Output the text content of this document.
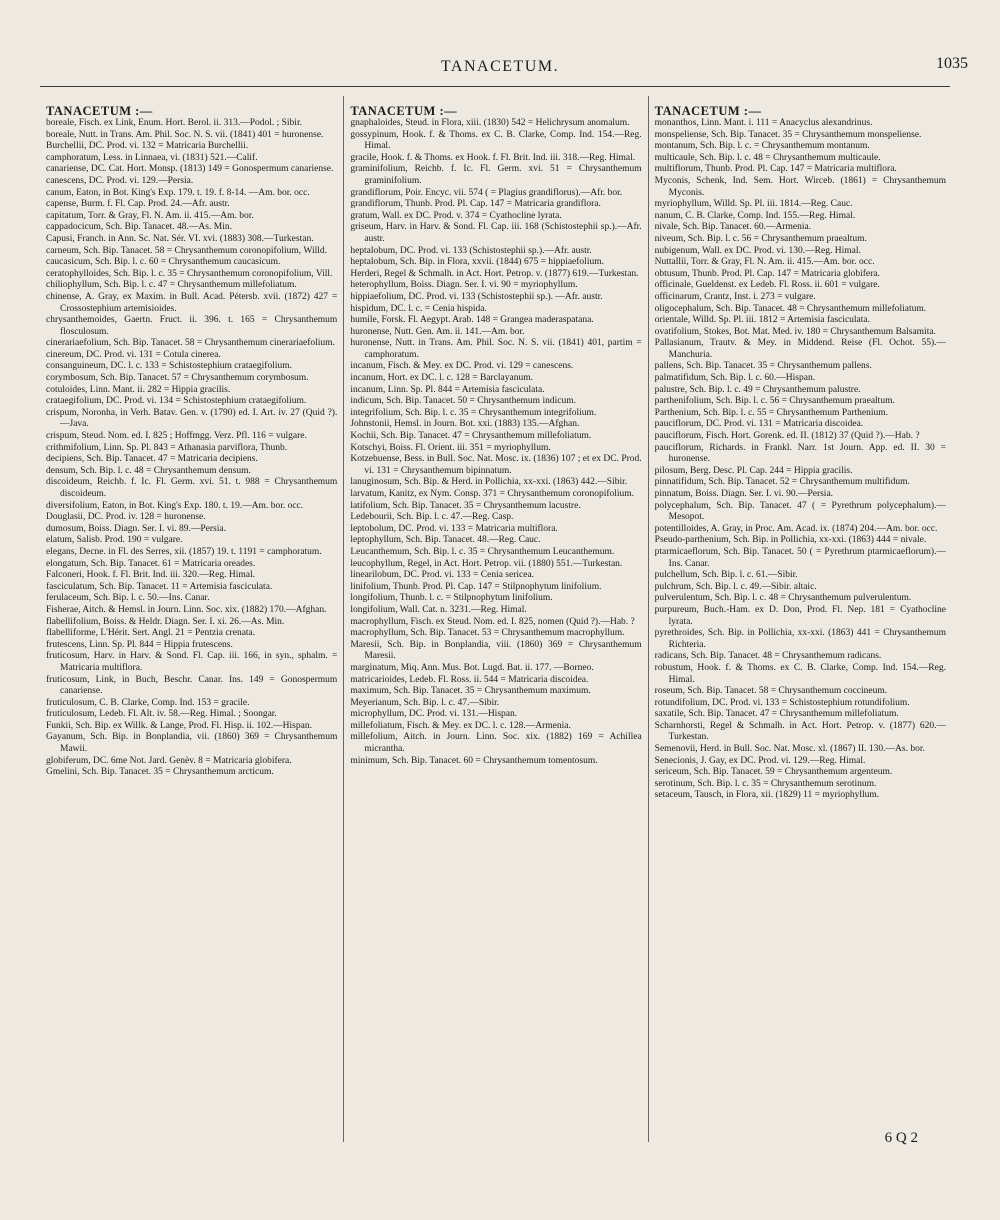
TANACETUM.	1035
TANACETUM :—
boreale, Fisch. ex Link, Enum. Hort. Berol. ii. 313.—Podol. ; Sibir.
boreale, Nutt. in Trans. Am. Phil. Soc. N. S. vii. (1841) 401 = huronense.
Burchellii, DC. Prod. vi. 132 = Matricaria Burchellii.
camphoratum, Less. in Linnaea, vi. (1831) 521.—Calif.
canariense, DC. Cat. Hort. Monsp. (1813) 149 = Gonospermum canariense.
canescens, DC. Prod. vi. 129.—Persia.
canum, Eaton, in Bot. King's Exp. 179. t. 19. f. 8-14. —Am. bor. occ.
capense, Burm. f. Fl. Cap. Prod. 24.—Afr. austr.
capitatum, Torr. & Gray, Fl. N. Am. ii. 415.—Am. bor.
cappadocicum, Sch. Bip. Tanacet. 48.—As. Min.
Capusi, Franch. in Ann. Sc. Nat. Sér. VI. xvi. (1883) 308.—Turkestan.
carneum, Sch. Bip. Tanacet. 58 = Chrysanthemum coronopifolium, Willd.
caucasicum, Sch. Bip. l. c. 60 = Chrysanthemum caucasicum.
ceratophylloides, Sch. Bip. l. c. 35 = Chrysanthemum coronopifolium, Vill.
chiliophyllum, Sch. Bip. l. c. 47 = Chrysanthemum millefoliatum.
chinense, A. Gray, ex Maxim. in Bull. Acad. Pétersb. xvii. (1872) 427 = Crossostephium artemisioides.
chrysanthemoides, Gaertn. Fruct. ii. 396. t. 165 = Chrysanthemum flosculosum.
cinerariaefolium, Sch. Bip. Tanacet. 58 = Chrysanthemum cinerariaefolium.
cinereum, DC. Prod. vi. 131 = Cotula cinerea.
consanguineum, DC. l. c. 133 = Schistostephium crataegifolium.
corymbosum, Sch. Bip. Tanacet. 57 = Chrysanthemum corymbosum.
cotuloides, Linn. Mant. ii. 282 = Hippia gracilis.
crataegifolium, DC. Prod. vi. 134 = Schistostephium crataegifolium.
crispum, Noronha, in Verh. Batav. Gen. v. (1790) ed. I. Art. iv. 27 (Quid ?).—Java.
crispum, Steud. Nom. ed. I. 825 ; Hoffmgg. Verz. Pfl. 116 = vulgare.
crithmifolium, Linn. Sp. Pl. 843 = Athanasia parviflora, Thunb.
decipiens, Sch. Bip. Tanacet. 47 = Matricaria decipiens.
densum, Sch. Bip. l. c. 48 = Chrysanthemum densum.
discoideum, Reichb. f. Ic. Fl. Germ. xvi. 51. t. 988 = Chrysanthemum discoideum.
diversifolium, Eaton, in Bot. King's Exp. 180. t. 19.—Am. bor. occ.
Douglasii, DC. Prod. iv. 128 = huronense.
dumosum, Boiss. Diagn. Ser. I. vi. 89.—Persia.
elatum, Salisb. Prod. 190 = vulgare.
elegans, Decne. in Fl. des Serres, xii. (1857) 19. t. 1191 = camphoratum.
elongatum, Sch. Bip. Tanacet. 61 = Matricaria oreades.
Falconeri, Hook. f. Fl. Brit. Ind. iii. 320.—Reg. Himal.
fasciculatum, Sch. Bip. Tanacet. 11 = Artemisia fasciculata.
ferulaceum, Sch. Bip. l. c. 50.—Ins. Canar.
Fisherae, Aitch. & Hemsl. in Journ. Linn. Soc. xix. (1882) 170.—Afghan.
flabellifolium, Boiss. & Heldr. Diagn. Ser. I. xi. 26.—As. Min.
flabelliforme, L'Hérit. Sert. Angl. 21 = Pentzia crenata.
frutescens, Linn. Sp. Pl. 844 = Hippia frutescens.
fruticosum, Harv. in Harv. & Sond. Fl. Cap. iii. 166, in syn., sphalm. = Matricaria multiflora.
fruticosum, Link, in Buch, Beschr. Canar. Ins. 149 = Gonospermum canariense.
fruticulosum, C. B. Clarke, Comp. Ind. 153 = gracile.
fruticulosum, Ledeb. Fl. Alt. iv. 58.—Reg. Himal. ; Soongar.
Funkii, Sch. Bip. ex Willk. & Lange, Prod. Fl. Hisp. ii. 102.—Hispan.
Gayanum, Sch. Bip. in Bonplandia, vii. (1860) 369 = Chrysanthemum Mawii.
globiferum, DC. 6me Not. Jard. Genèv. 8 = Matricaria globifera.
Gmelini, Sch. Bip. Tanacet. 35 = Chrysanthemum arcticum.
TANACETUM :—
gnaphaloides, Steud. in Flora, xiii. (1830) 542 = Helichrysum anomalum.
gossypinum, Hook. f. & Thoms. ex C. B. Clarke, Comp. Ind. 154.—Reg. Himal.
gracile, Hook. f. & Thoms. ex Hook. f. Fl. Brit. Ind. iii. 318.—Reg. Himal.
graminifolium, Reichb. f. Ic. Fl. Germ. xvi. 51 = Chrysanthemum graminifolium.
grandiflorum, Poir. Encyc. vii. 574 ( = Plagius grandiflorus).—Afr. bor.
grandiflorum, Thunb. Prod. Pl. Cap. 147 = Matricaria grandiflora.
gratum, Wall. ex DC. Prod. v. 374 = Cyathocline lyrata.
griseum, Harv. in Harv. & Sond. Fl. Cap. iii. 168 (Schistostephii sp.).—Afr. austr.
heptalobum, DC. Prod. vi. 133 (Schistostephii sp.).—Afr. austr.
heptalobum, Sch. Bip. in Flora, xxvii. (1844) 675 = hippiaefolium.
Herderi, Regel & Schmalh. in Act. Hort. Petrop. v. (1877) 619.—Turkestan.
heterophyllum, Boiss. Diagn. Ser. I. vi. 90 = myriophyllum.
hippiaefolium, DC. Prod. vi. 133 (Schistostephii sp.). —Afr. austr.
hispidum, DC. l. c. = Cenia hispida.
humile, Forsk. Fl. Aegypt. Arab. 148 = Grangea maderaspatana.
huronense, Nutt. Gen. Am. ii. 141.—Am. bor.
huronense, Nutt. in Trans. Am. Phil. Soc. N. S. vii. (1841) 401, partim = camphoratum.
incanum, Fisch. & Mey. ex DC. Prod. vi. 129 = canescens.
incanum, Hort. ex DC. l. c. 128 = Barclayanum.
incanum, Linn. Sp. Pl. 844 = Artemisia fasciculata.
indicum, Sch. Bip. Tanacet. 50 = Chrysanthemum indicum.
integrifolium, Sch. Bip. l. c. 35 = Chrysanthemum integrifolium.
Johnstonii, Hemsl. in Journ. Bot. xxi. (1883) 135.—Afghan.
Kochii, Sch. Bip. Tanacet. 47 = Chrysanthemum millefoliatum.
Kotschyi, Boiss. Fl. Orient. iii. 351 = myriophyllum.
Kotzebuense, Bess. in Bull. Soc. Nat. Mosc. ix. (1836) 107 ; et ex DC. Prod. vi. 131 = Chrysanthemum bipinnatum.
lanuginosum, Sch. Bip. & Herd. in Pollichia, xx-xxi. (1863) 442.—Sibir.
larvatum, Kanitz, ex Nym. Consp. 371 = Chrysanthemum coronopifolium.
latifolium, Sch. Bip. Tanacet. 35 = Chrysanthemum lacustre.
Ledebourii, Sch. Bip. l. c. 47.—Reg. Casp.
leptobolum, DC. Prod. vi. 133 = Matricaria multiflora.
leptophyllum, Sch. Bip. Tanacet. 48.—Reg. Cauc.
Leucanthemum, Sch. Bip. l. c. 35 = Chrysanthemum Leucanthemum.
leucophyllum, Regel, in Act. Hort. Petrop. vii. (1880) 551.—Turkestan.
linearilobum, DC. Prod. vi. 133 = Cenia sericea.
linifolium, Thunb. Prod. Pl. Cap. 147 = Stilpnophytum linifolium.
longifolium, Thunb. l. c. = Stilpnophytum linifolium.
longifolium, Wall. Cat. n. 3231.—Reg. Himal.
macrophyllum, Fisch. ex Steud. Nom. ed. I. 825, nomen (Quid ?).—Hab. ?
macrophyllum, Sch. Bip. Tanacet. 53 = Chrysanthemum macrophyllum.
Maresii, Sch. Bip. in Bonplandia, viii. (1860) 369 = Chrysanthemum Maresii.
marginatum, Miq. Ann. Mus. Bot. Lugd. Bat. ii. 177. —Borneo.
matricarioides, Ledeb. Fl. Ross. ii. 544 = Matricaria discoidea.
maximum, Sch. Bip. Tanacet. 35 = Chrysanthemum maximum.
Meyerianum, Sch. Bip. l. c. 47.—Sibir.
microphyllum, DC. Prod. vi. 131.—Hispan.
millefoliatum, Fisch. & Mey. ex DC. l. c. 128.—Armenia.
millefolium, Aitch. in Journ. Linn. Soc. xix. (1882) 169 = Achillea micrantha.
minimum, Sch. Bip. Tanacet. 60 = Chrysanthemum tomentosum.
TANACETUM :—
monanthos, Linn. Mant. i. 111 = Anacyclus alexandrinus.
monspeliense, Sch. Bip. Tanacet. 35 = Chrysanthemum monspeliense.
montanum, Sch. Bip. l. c. = Chrysanthemum montanum.
multicaule, Sch. Bip. l. c. 48 = Chrysanthemum multicaule.
multiflorum, Thunb. Prod. Pl. Cap. 147 = Matricaria multiflora.
Myconis, Schenk, Ind. Sem. Hort. Wirceb. (1861) = Chrysanthemum Myconis.
myriophyllum, Willd. Sp. Pl. iii. 1814.—Reg. Cauc.
nanum, C. B. Clarke, Comp. Ind. 155.—Reg. Himal.
nivale, Sch. Bip. Tanacet. 60.—Armenia.
niveum, Sch. Bip. l. c. 56 = Chrysanthemum praealtum.
nubigenum, Wall. ex DC. Prod. vi. 130.—Reg. Himal.
Nuttallii, Torr. & Gray, Fl. N. Am. ii. 415.—Am. bor. occ.
obtusum, Thunb. Prod. Pl. Cap. 147 = Matricaria globifera.
officinale, Gueldenst. ex Ledeb. Fl. Ross. ii. 601 = vulgare.
officinarum, Crantz, Inst. i. 273 = vulgare.
oligocephalum, Sch. Bip. Tanacet. 48 = Chrysanthemum millefoliatum.
orientale, Willd. Sp. Pl. iii. 1812 = Artemisia fasciculata.
ovatifolium, Stokes, Bot. Mat. Med. iv. 180 = Chrysanthemum Balsamita.
Pallasianum, Trautv. & Mey. in Middend. Reise (Fl. Ochot. 55).—Manchuria.
pallens, Sch. Bip. Tanacet. 35 = Chrysanthemum pallens.
palmatifidum, Sch. Bip. l. c. 60.—Hispan.
palustre, Sch. Bip. l. c. 49 = Chrysanthemum palustre.
parthenifolium, Sch. Bip. l. c. 56 = Chrysanthemum praealtum.
Parthenium, Sch. Bip. l. c. 55 = Chrysanthemum Parthenium.
pauciflorum, DC. Prod. vi. 131 = Matricaria discoidea.
pauciflorum, Fisch. Hort. Gorenk. ed. II. (1812) 37 (Quid ?).—Hab. ?
pauciflorum, Richards. in Frankl. Narr. 1st Journ. App. ed. II. 30 = huronense.
pilosum, Berg. Desc. Pl. Cap. 244 = Hippia gracilis.
pinnatifidum, Sch. Bip. Tanacet. 52 = Chrysanthemum multifidum.
pinnatum, Boiss. Diagn. Ser. I. vi. 90.—Persia.
polycephalum, Sch. Bip. Tanacet. 47 ( = Pyrethrum polycephalum).—Mesopot.
potentilloides, A. Gray, in Proc. Am. Acad. ix. (1874) 204.—Am. bor. occ.
Pseudo-parthenium, Sch. Bip. in Pollichia, xx-xxi. (1863) 444 = nivale.
ptarmicaeflorum, Sch. Bip. Tanacet. 50 ( = Pyrethrum ptarmicaeflorum).—Ins. Canar.
pulchellum, Sch. Bip. l. c. 61.—Sibir.
pulchrum, Sch. Bip. l. c. 49.—Sibir. altaic.
pulverulentum, Sch. Bip. l. c. 48 = Chrysanthemum pulverulentum.
purpureum, Buch.-Ham. ex D. Don, Prod. Fl. Nep. 181 = Cyathocline lyrata.
pyrethroides, Sch. Bip. in Pollichia, xx-xxi. (1863) 441 = Chrysanthemum Richteria.
radicans, Sch. Bip. Tanacet. 48 = Chrysanthemum radicans.
robustum, Hook. f. & Thoms. ex C. B. Clarke, Comp. Ind. 154.—Reg. Himal.
roseum, Sch. Bip. Tanacet. 58 = Chrysanthemum coccineum.
rotundifolium, DC. Prod. vi. 133 = Schistostephium rotundifolium.
saxatile, Sch. Bip. Tanacet. 47 = Chrysanthemum millefoliatum.
Scharnhorsti, Regel & Schmalh. in Act. Hort. Petrop. v. (1877) 620.—Turkestan.
Semenovii, Herd. in Bull. Soc. Nat. Mosc. xl. (1867) II. 130.—As. bor.
Senecionis, J. Gay, ex DC. Prod. vi. 129.—Reg. Himal.
sericeum, Sch. Bip. Tanacet. 59 = Chrysanthemum argenteum.
serotinum, Sch. Bip. l. c. 35 = Chrysanthemum serotinum.
setaceum, Tausch, in Flora, xii. (1829) 11 = myriophyllum.
6 Q 2
